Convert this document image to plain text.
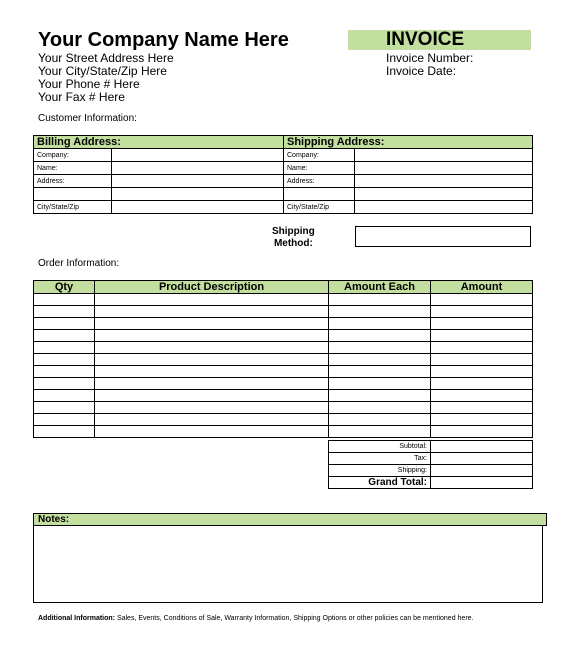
Your Company Name Here
Your Street Address Here
Your City/State/Zip Here
Your Phone # Here
Your Fax # Here
INVOICE
Invoice Number:
Invoice Date:
Customer Information:
Billing Address:		Shipping Address:	
Company:		Company:	
Name:		Name:	
Address:		Address:	

City/State/Zip		City/State/Zip	
Shipping
Method:
Order Information:
Qty	Product Description	Amount Each	Amount

Subtotal:	
Tax:	
Shipping:	
Grand Total:	
Notes:
Additional Information: Sales, Events, Conditions of Sale, Warranty Information, Shipping Options or other policies can be mentioned here.
